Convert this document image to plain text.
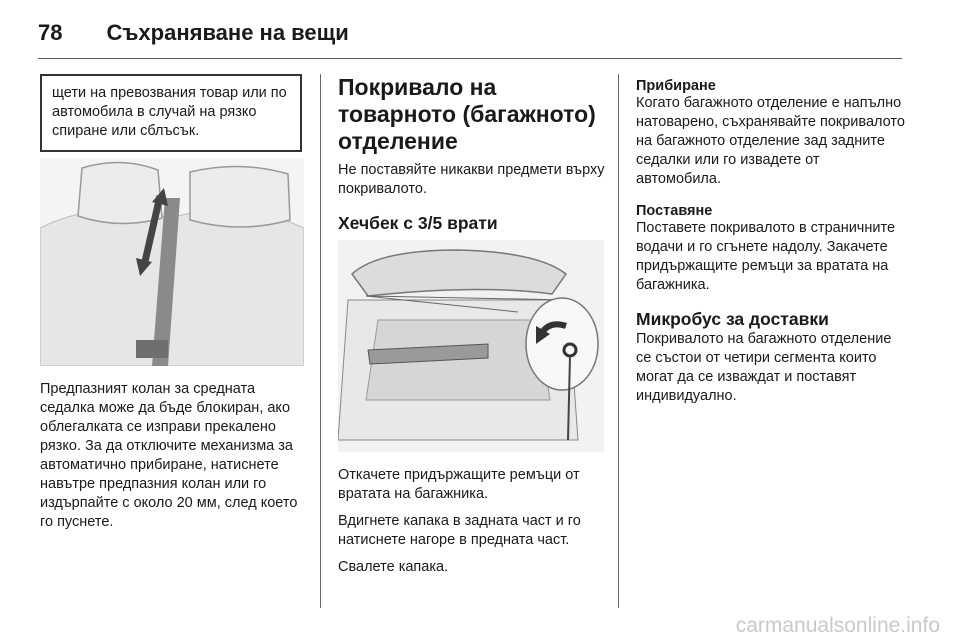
78 Съхраняване на вещи

щети на превозвания товар или по автомобила в случай на рязко спиране или сблъсък.

Предпазният колан за средната седалка може да бъде блокиран, ако облегалката се изправи прекалено рязко. За да отключите механизма за автоматично прибиране, натиснете навътре предпазния колан или го издърпайте с около 20 мм, след което го пуснете.

Покривало на товарното (багажното) отделение

Не поставяйте никакви предмети върху покривалото.

Хечбек с 3/5 врати

Откачете придържащите ремъци от вратата на багажника.

Вдигнете капака в задната част и го натиснете нагоре в предната част.

Свалете капака.

Прибиране

Когато багажното отделение е напълно натоварено, съхранявайте покривалото на багажното отделение зад задните седалки или го извадете от автомобила.

Поставяне

Поставете покривалото в страничните водачи и го сгънете надолу. Закачете придържащите ремъци за вратата на багажника.

Микробус за доставки

Покривалото на багажното отделение се състои от четири сегмента които могат да се изваждат и поставят индивидуално.

carmanualsonline.info
